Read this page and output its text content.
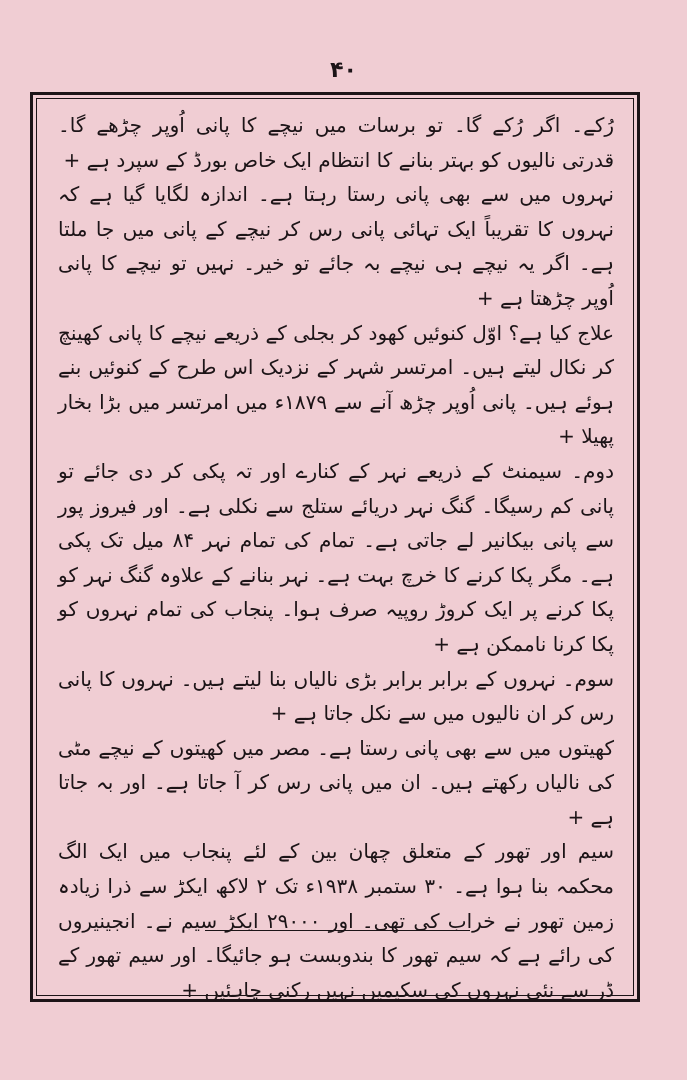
۴۰

رُکے۔ اگر رُکے گا۔ تو برسات میں نیچے کا پانی اُوپر چڑھے گا۔ قدرتی نالیوں کو بہتر بنانے کا انتظام ایک خاص بورڈ کے سپرد ہے +

نہروں میں سے بھی پانی رستا رہتا ہے۔ اندازہ لگایا گیا ہے کہ نہروں کا تقریباً ایک تہائی پانی رس کر نیچے کے پانی میں جا ملتا ہے۔ اگر یہ نیچے ہی نیچے بہ جائے تو خیر۔ نہیں تو نیچے کا پانی اُوپر چڑھتا ہے +

علاج کیا ہے؟ اوّل کنوئیں کھود کر بجلی کے ذریعے نیچے کا پانی کھینچ کر نکال لیتے ہیں۔ امرتسر شہر کے نزدیک اس طرح کے کنوئیں بنے ہوئے ہیں۔ پانی اُوپر چڑھ آنے سے ۱۸۷۹ء میں امرتسر میں بڑا بخار پھیلا +

دوم۔ سیمنٹ کے ذریعے نہر کے کنارے اور تہ پکی کر دی جائے تو پانی کم رسیگا۔ گنگ نہر دریائے ستلج سے نکلی ہے۔ اور فیروز پور سے پانی بیکانیر لے جاتی ہے۔ تمام کی تمام نہر ۸۴ میل تک پکی ہے۔ مگر پکا کرنے کا خرچ بہت ہے۔ نہر بنانے کے علاوہ گنگ نہر کو پکا کرنے پر ایک کروڑ روپیہ صرف ہوا۔ پنجاب کی تمام نہروں کو پکا کرنا ناممکن ہے +

سوم۔ نہروں کے برابر برابر بڑی نالیاں بنا لیتے ہیں۔ نہروں کا پانی رس کر ان نالیوں میں سے نکل جاتا ہے +

کھیتوں میں سے بھی پانی رستا ہے۔ مصر میں کھیتوں کے نیچے مٹی کی نالیاں رکھتے ہیں۔ ان میں پانی رس کر آ جاتا ہے۔ اور بہ جاتا ہے +

سیم اور تھور کے متعلق چھان بین کے لئے پنجاب میں ایک الگ محکمہ بنا ہوا ہے۔ ۳۰ ستمبر ۱۹۳۸ء تک ۲ لاکھ ایکڑ سے ذرا زیادہ زمین تھور نے خراب کی تھی۔ اور ۲۹۰۰۰ ایکڑ سیم نے۔ انجینیروں کی رائے ہے کہ سیم تھور کا بندوبست ہو جائیگا۔ اور سیم تھور کے ڈر سے نئی نہروں کی سکیمیں نہیں رکنی چاہئیں +
